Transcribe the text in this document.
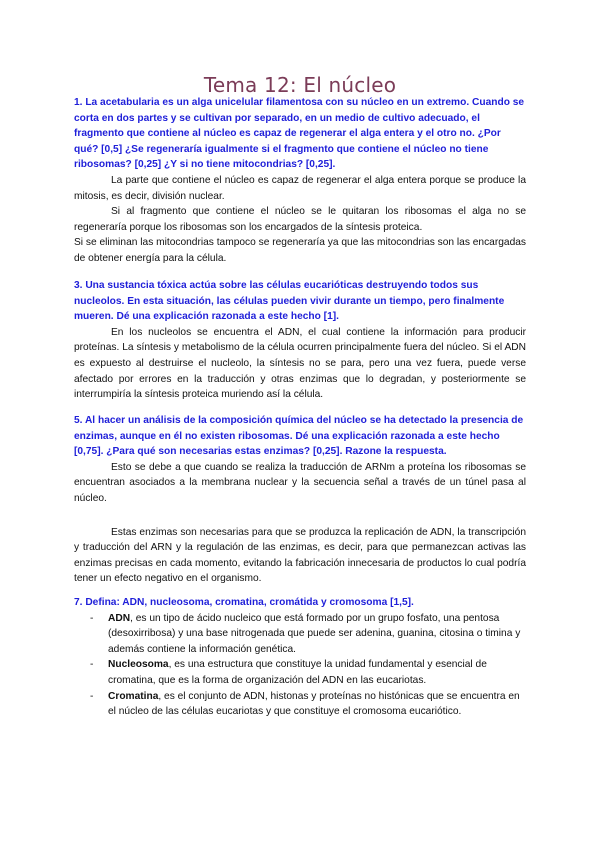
Tema 12: El núcleo

1. La acetabularia es un alga unicelular filamentosa con su núcleo en un extremo. Cuando se corta en dos partes y se cultivan por separado, en un medio de cultivo adecuado, el fragmento que contiene al núcleo es capaz de regenerar el alga entera y el otro no. ¿Por qué? [0,5] ¿Se regeneraría igualmente si el fragmento que contiene el núcleo no tiene ribosomas? [0,25] ¿Y si no tiene mitocondrias? [0,25].

La parte que contiene el núcleo es capaz de regenerar el alga entera porque se produce la mitosis, es decir, división nuclear.

Si al fragmento que contiene el núcleo se le quitaran los ribosomas el alga no se regeneraría porque los ribosomas son los encargados de la síntesis proteica.

Si se eliminan las mitocondrias tampoco se regeneraría ya que las mitocondrias son las encargadas de obtener energía para la célula.

3. Una sustancia tóxica actúa sobre las células eucarióticas destruyendo todos sus nucleolos. En esta situación, las células pueden vivir durante un tiempo, pero finalmente mueren. Dé una explicación razonada a este hecho [1].

En los nucleolos se encuentra el ADN, el cual contiene la información para producir proteínas. La síntesis y metabolismo de la célula ocurren principalmente fuera del núcleo. Si el ADN es expuesto al destruirse el nucleolo, la síntesis no se para, pero una vez fuera, puede verse afectado por errores en la traducción y otras enzimas que lo degradan, y posteriormente se interrumpiría la síntesis proteica muriendo así la célula.

5. Al hacer un análisis de la composición química del núcleo se ha detectado la presencia de enzimas, aunque en él no existen ribosomas. Dé una explicación razonada a este hecho [0,75]. ¿Para qué son necesarias estas enzimas? [0,25]. Razone la respuesta.

Esto se debe a que cuando se realiza la traducción de ARNm a proteína los ribosomas se encuentran asociados a la membrana nuclear y la secuencia señal a través de un túnel pasa al núcleo.

Estas enzimas son necesarias para que se produzca la replicación de ADN, la transcripción y traducción del ARN y la regulación de las enzimas, es decir, para que permanezcan activas las enzimas precisas en cada momento, evitando la fabricación innecesaria de productos lo cual podría tener un efecto negativo en el organismo.

7. Defina: ADN, nucleosoma, cromatina, cromátida y cromosoma [1,5].

- ADN, es un tipo de ácido nucleico que está formado por un grupo fosfato, una pentosa (desoxirribosa) y una base nitrogenada que puede ser adenina, guanina, citosina o timina y además contiene la información genética.
- Nucleosoma, es una estructura que constituye la unidad fundamental y esencial de cromatina, que es la forma de organización del ADN en las eucariotas.
- Cromatina, es el conjunto de ADN, histonas y proteínas no histónicas que se encuentra en el núcleo de las células eucariotas y que constituye el cromosoma eucariótico.
